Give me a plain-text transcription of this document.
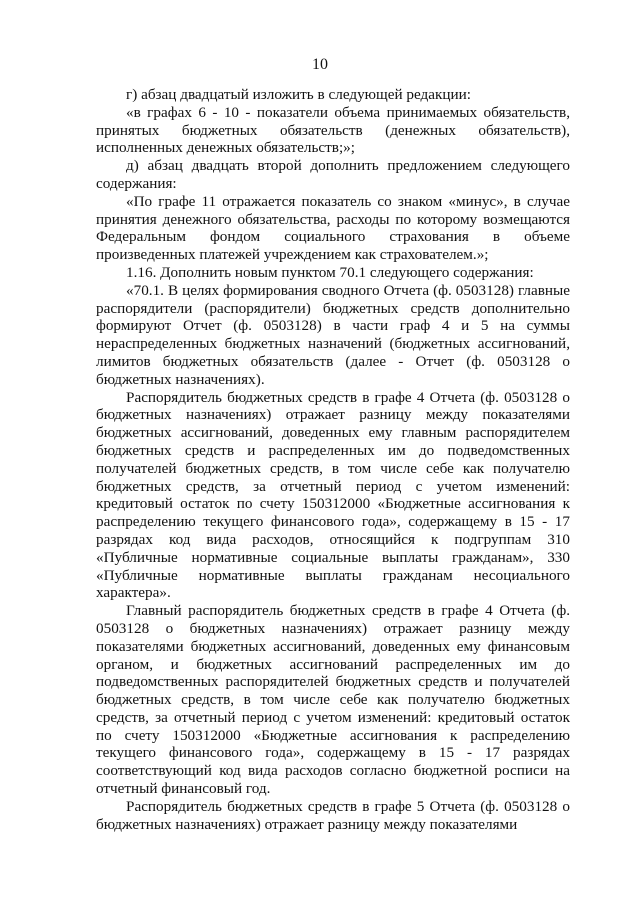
10

г) абзац двадцатый изложить в следующей редакции:

«в графах 6 - 10 - показатели объема принимаемых обязательств, принятых бюджетных обязательств (денежных обязательств), исполненных денежных обязательств;»;

д) абзац двадцать второй дополнить предложением следующего содержания:

«По графе 11 отражается показатель со знаком «минус», в случае принятия денежного обязательства, расходы по которому возмещаются Федеральным фондом социального страхования в объеме произведенных платежей учреждением как страхователем.»;

1.16. Дополнить новым пунктом 70.1 следующего содержания:

«70.1. В целях формирования сводного Отчета (ф. 0503128) главные распорядители (распорядители) бюджетных средств дополнительно формируют Отчет (ф. 0503128) в части граф 4 и 5 на суммы нераспределенных бюджетных назначений (бюджетных ассигнований, лимитов бюджетных обязательств (далее - Отчет (ф. 0503128 о бюджетных назначениях).

Распорядитель бюджетных средств в графе 4 Отчета (ф. 0503128 о бюджетных назначениях) отражает разницу между показателями бюджетных ассигнований, доведенных ему главным распорядителем бюджетных средств и распределенных им до подведомственных получателей бюджетных средств, в том числе себе как получателю бюджетных средств, за отчетный период с учетом изменений: кредитовый остаток по счету 150312000 «Бюджетные ассигнования к распределению текущего финансового года», содержащему в 15 - 17 разрядах код вида расходов, относящийся к подгруппам 310 «Публичные нормативные социальные выплаты гражданам», 330 «Публичные нормативные выплаты гражданам несоциального характера».

Главный распорядитель бюджетных средств в графе 4 Отчета (ф. 0503128 о бюджетных назначениях) отражает разницу между показателями бюджетных ассигнований, доведенных ему финансовым органом, и бюджетных ассигнований распределенных им до подведомственных распорядителей бюджетных средств и получателей бюджетных средств, в том числе себе как получателю бюджетных средств, за отчетный период с учетом изменений: кредитовый остаток по счету 150312000 «Бюджетные ассигнования к распределению текущего финансового года», содержащему в 15 - 17 разрядах соответствующий код вида расходов согласно бюджетной росписи на отчетный финансовый год.

Распорядитель бюджетных средств в графе 5 Отчета (ф. 0503128 о бюджетных назначениях) отражает разницу между показателями
